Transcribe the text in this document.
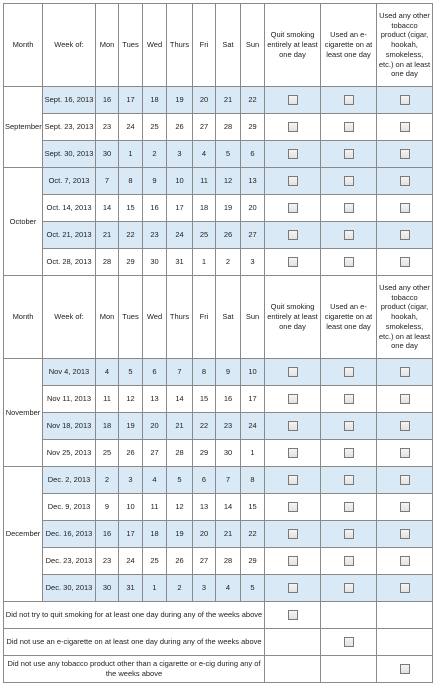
Month	Week of:	Mon	Tues	Wed	Thurs	Fri	Sat	Sun	Quit smoking entirely at least one day	Used an e-cigarette on at least one day	Used any other tobacco product (cigar, hookah, smokeless, etc.) on at least one day
September	Sept. 16, 2013	16	17	18	19	20	21	22			
	Sept. 23, 2013	23	24	25	26	27	28	29			
	Sept. 30, 2013	30	1	2	3	4	5	6			
October	Oct. 7, 2013	7	8	9	10	11	12	13			
	Oct. 14, 2013	14	15	16	17	18	19	20			
	Oct. 21, 2013	21	22	23	24	25	26	27			
	Oct. 28, 2013	28	29	30	31	1	2	3			
Month	Week of:	Mon	Tues	Wed	Thurs	Fri	Sat	Sun	Quit smoking entirely at least one day	Used an e-cigarette on at least one day	Used any other tobacco product (cigar, hookah, smokeless, etc.) on at least one day
November	Nov 4, 2013	4	5	6	7	8	9	10			
	Nov 11, 2013	11	12	13	14	15	16	17			
	Nov 18, 2013	18	19	20	21	22	23	24			
	Nov 25, 2013	25	26	27	28	29	30	1			
December	Dec. 2, 2013	2	3	4	5	6	7	8			
	Dec. 9, 2013	9	10	11	12	13	14	15			
	Dec. 16, 2013	16	17	18	19	20	21	22			
	Dec. 23, 2013	23	24	25	26	27	28	29			
	Dec. 30, 2013	30	31	1	2	3	4	5			
Did not try to quit smoking for at least one day during any of the weeks above											
Did not use an e-cigarette on at least one day during any of the weeks above											
Did not use any tobacco product other than a cigarette or e-cig during any of the weeks above											
